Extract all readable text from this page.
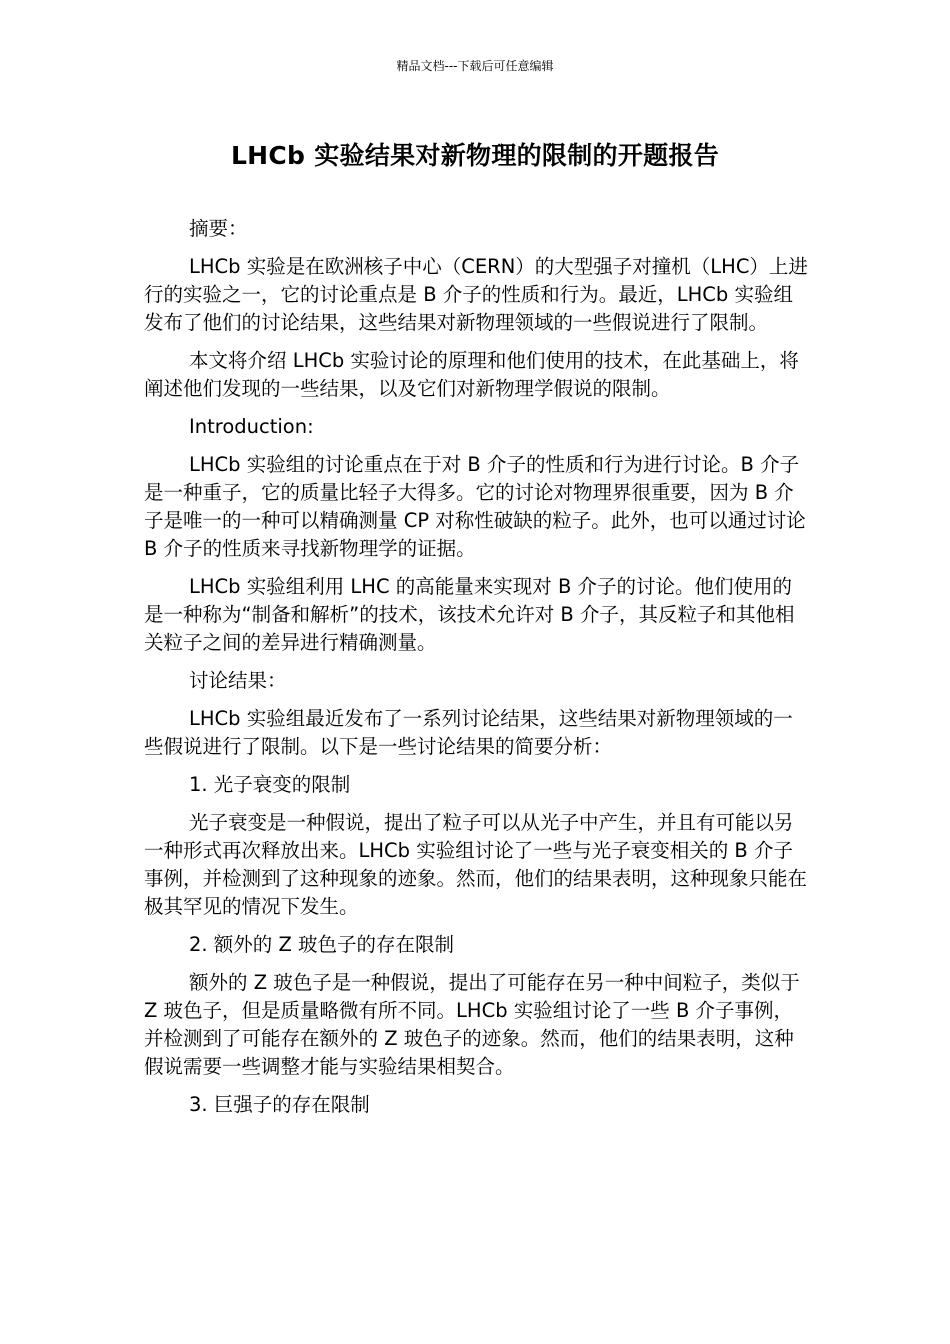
精品文档---下载后可任意编辑
LHCb 实验结果对新物理的限制的开题报告

摘要：

LHCb 实验是在欧洲核子中心（CERN）的大型强子对撞机（LHC）上进行的实验之一，它的讨论重点是 B 介子的性质和行为。最近，LHCb 实验组发布了他们的讨论结果，这些结果对新物理领域的一些假说进行了限制。

本文将介绍 LHCb 实验讨论的原理和他们使用的技术，在此基础上，将阐述他们发现的一些结果，以及它们对新物理学假说的限制。

Introduction:

LHCb 实验组的讨论重点在于对 B 介子的性质和行为进行讨论。B 介子是一种重子，它的质量比轻子大得多。它的讨论对物理界很重要，因为 B 介子是唯一的一种可以精确测量 CP 对称性破缺的粒子。此外，也可以通过讨论 B 介子的性质来寻找新物理学的证据。

LHCb 实验组利用 LHC 的高能量来实现对 B 介子的讨论。他们使用的是一种称为“制备和解析”的技术，该技术允许对 B 介子，其反粒子和其他相关粒子之间的差异进行精确测量。

讨论结果：

LHCb 实验组最近发布了一系列讨论结果，这些结果对新物理领域的一些假说进行了限制。以下是一些讨论结果的简要分析：

1. 光子衰变的限制

光子衰变是一种假说，提出了粒子可以从光子中产生，并且有可能以另一种形式再次释放出来。LHCb 实验组讨论了一些与光子衰变相关的 B 介子事例，并检测到了这种现象的迹象。然而，他们的结果表明，这种现象只能在极其罕见的情况下发生。

2. 额外的 Z 玻色子的存在限制

额外的 Z 玻色子是一种假说，提出了可能存在另一种中间粒子，类似于 Z 玻色子，但是质量略微有所不同。LHCb 实验组讨论了一些 B 介子事例，并检测到了可能存在额外的 Z 玻色子的迹象。然而，他们的结果表明，这种假说需要一些调整才能与实验结果相契合。

3. 巨强子的存在限制
